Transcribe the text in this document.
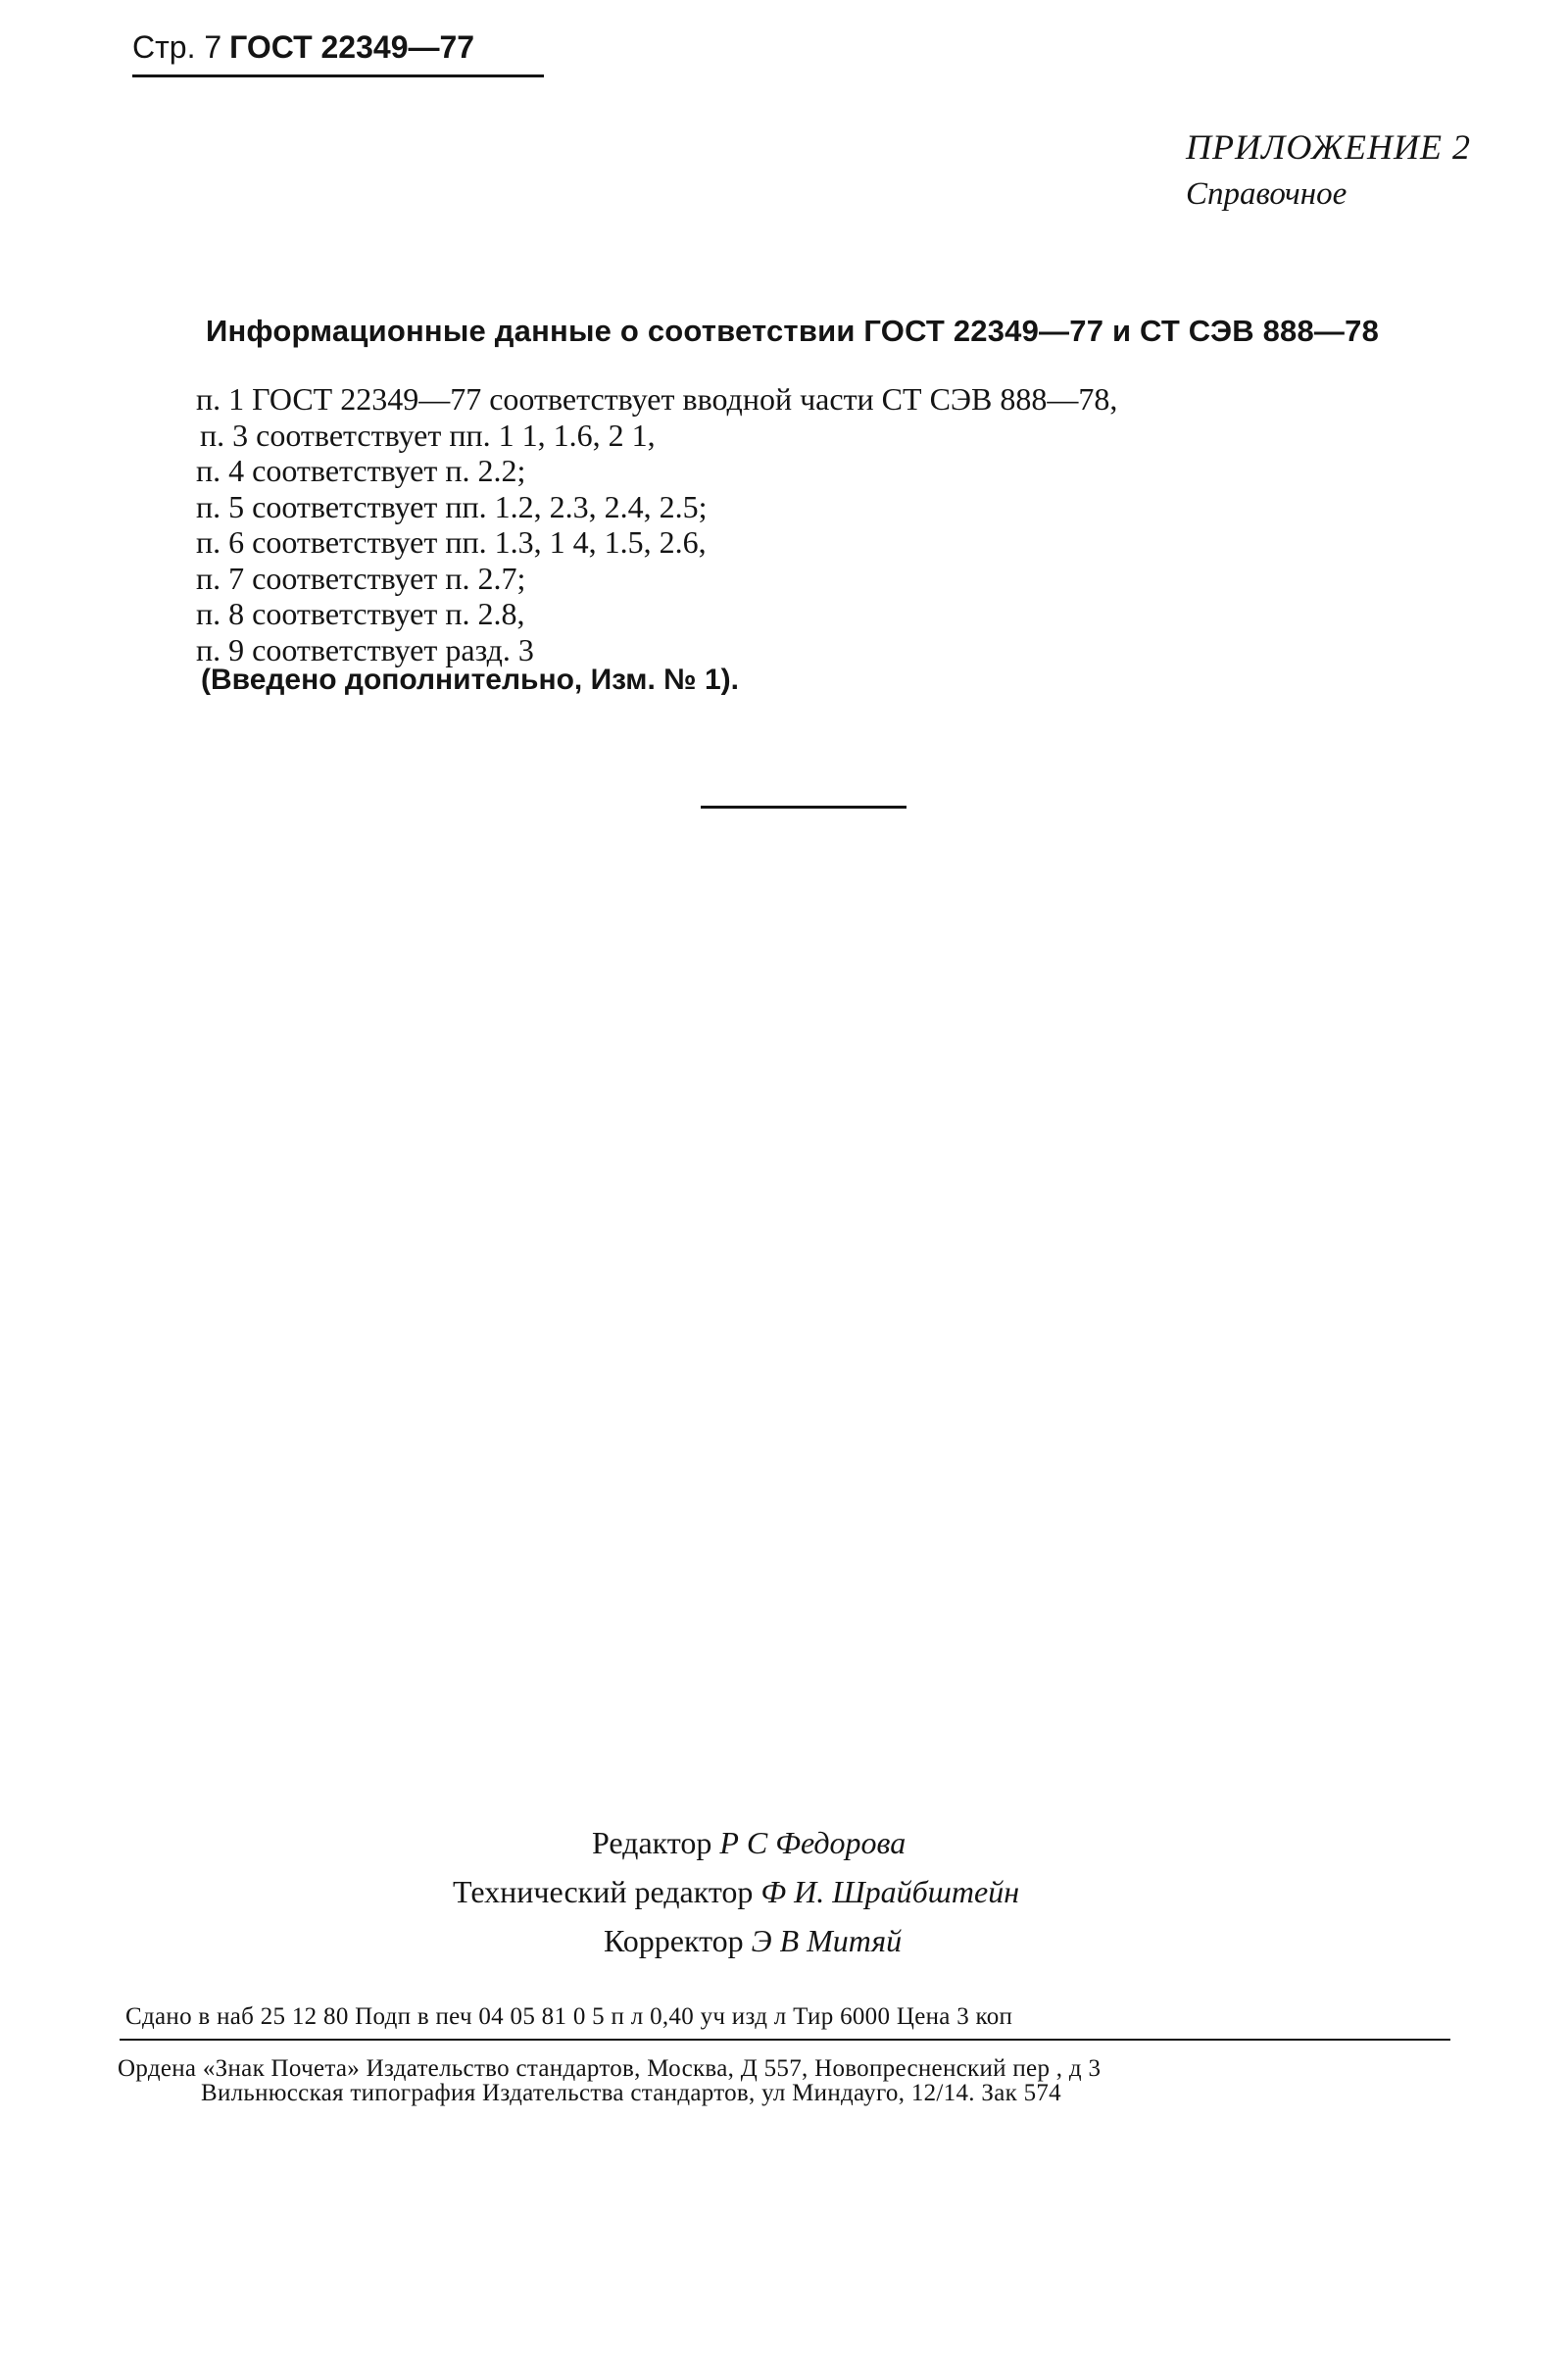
Стр. 7 ГОСТ 22349—77
ПРИЛОЖЕНИЕ 2
Справочное
Информационные данные о соответствии ГОСТ 22349—77 и СТ СЭВ 888—78
п. 1 ГОСТ 22349—77 соответствует вводной части СТ СЭВ 888—78,
п. 3 соответствует пп. 1 1, 1.6, 2 1,
п. 4 соответствует п. 2.2;
п. 5 соответствует пп. 1.2, 2.3, 2.4, 2.5;
п. 6 соответствует пп. 1.3, 1 4, 1.5, 2.6,
п. 7 соответствует п. 2.7;
п. 8 соответствует п. 2.8,
п. 9 соответствует разд. 3
(Введено дополнительно, Изм. № 1).
Редактор Р С Федорова
Технический редактор Ф И. Шрайбштейн
Корректор Э В Митяй
Сдано в наб 25 12 80 Подп в печ 04 05 81 0 5 п л 0,40 уч изд л Тир 6000 Цена 3 коп
Ордена «Знак Почета» Издательство стандартов, Москва, Д 557, Новопресненский пер , д 3
Вильнюсская типография Издательства стандартов, ул Миндауго, 12/14. Зак 574
